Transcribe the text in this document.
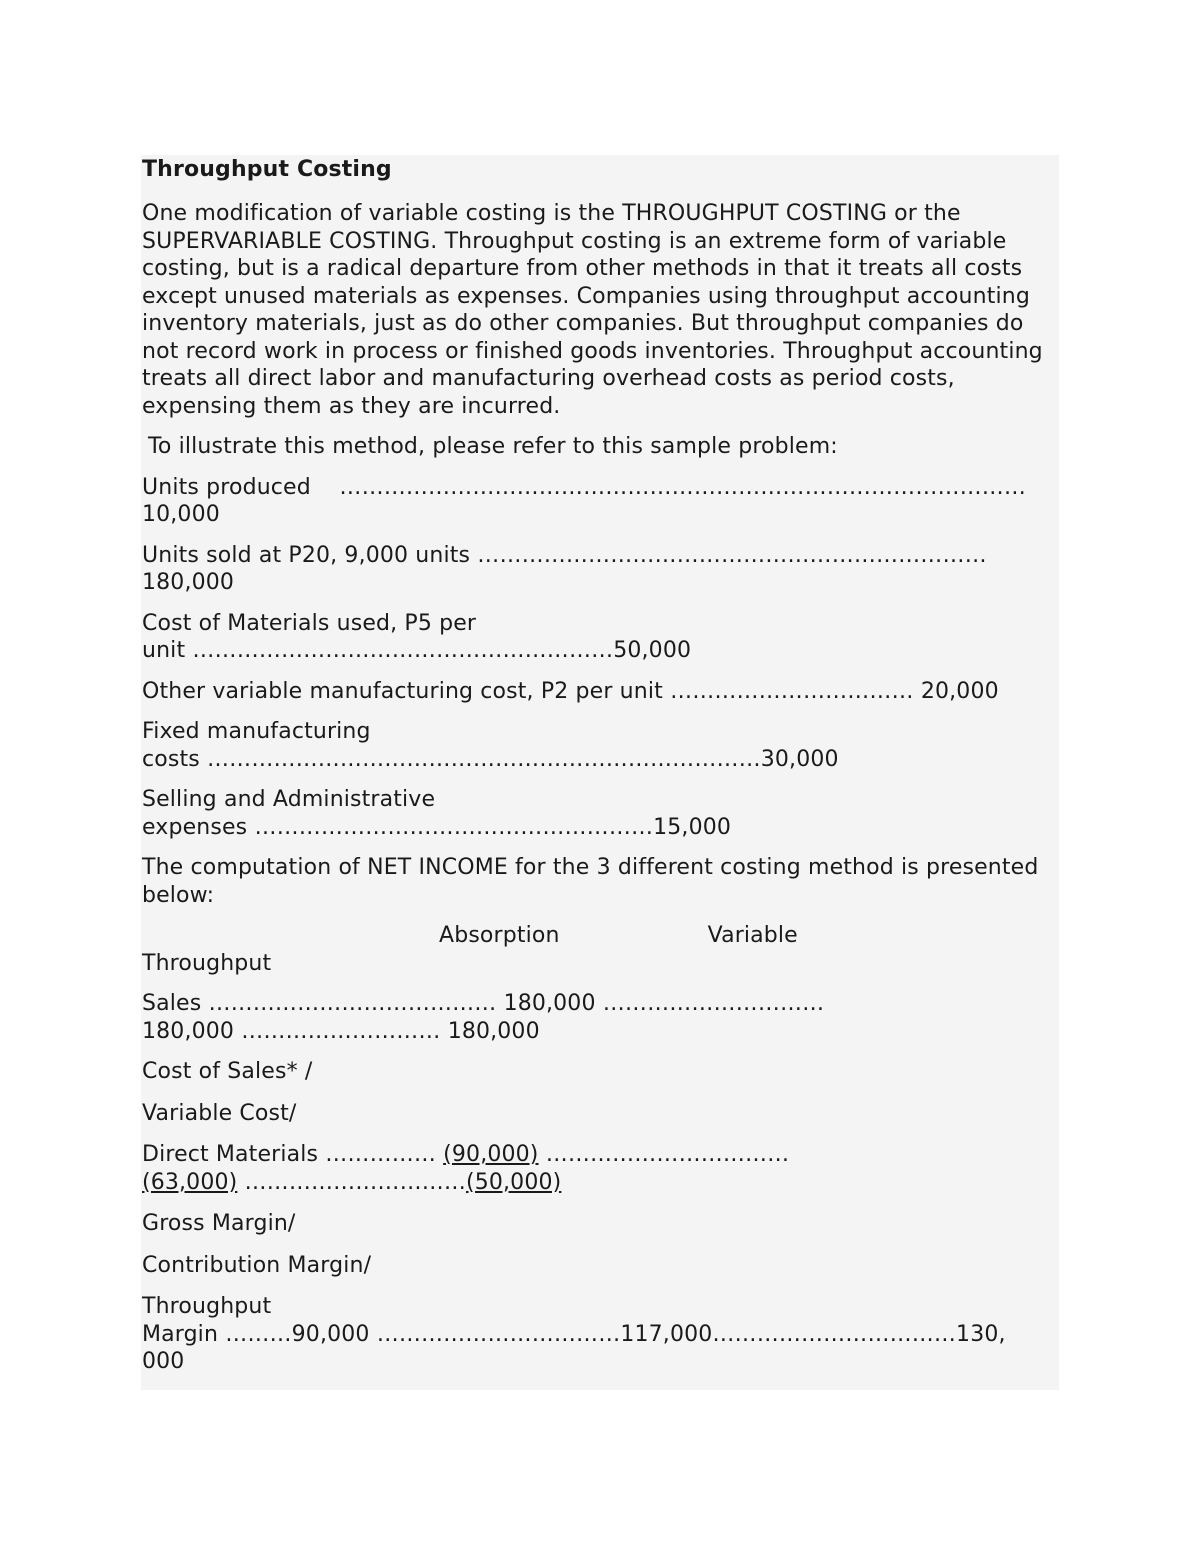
Throughput Costing

One modification of variable costing is the THROUGHPUT COSTING or the SUPERVARIABLE COSTING. Throughput costing is an extreme form of variable costing, but is a radical departure from other methods in that it treats all costs except unused materials as expenses. Companies using throughput accounting inventory materials, just as do other companies. But throughput companies do not record work in process or finished goods inventories. Throughput accounting treats all direct labor and manufacturing overhead costs as period costs, expensing them as they are incurred.

To illustrate this method, please refer to this sample problem:

Units produced …………………………………………………………………………………
10,000

Units sold at P20, 9,000 units ……………………………………………………………
180,000

Cost of Materials used, P5 per
unit …………………………………………………50,000

Other variable manufacturing cost, P2 per unit …………………………… 20,000

Fixed manufacturing
costs …………………………………………………………………30,000

Selling and Administrative
expenses ………………………………………………15,000

The computation of NET INCOME for the 3 different costing method is presented below:

Absorption	Variable
Throughput

Sales ………………………………… 180,000 …………………………
180,000 ……………………… 180,000

Cost of Sales* /

Variable Cost/

Direct Materials …………… (90,000) ……………………………
(63,000) …………………………(50,000)

Gross Margin/

Contribution Margin/

Throughput
Margin ………90,000 ……………………………117,000……………………………130,
000
